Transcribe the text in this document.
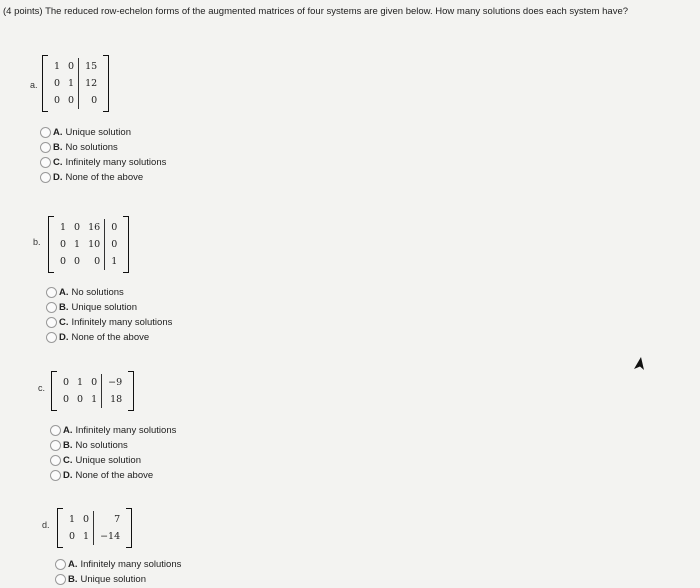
(4 points) The reduced row-echelon forms of the augmented matrices of four systems are given below. How many solutions does each system have?
a.
1	0	15
0	1	12
0	0	0
A. Unique solution
B. No solutions
C. Infinitely many solutions
D. None of the above
b.
1	0	16	0
0	1	10	0
0	0	0	1
A. No solutions
B. Unique solution
C. Infinitely many solutions
D. None of the above
c. 0	1	0	−9
0	0	1	18
A. Infinitely many solutions
B. No solutions
C. Unique solution
D. None of the above
d. 1	0	7
0	1	−14
A. Infinitely many solutions
B. Unique solution
